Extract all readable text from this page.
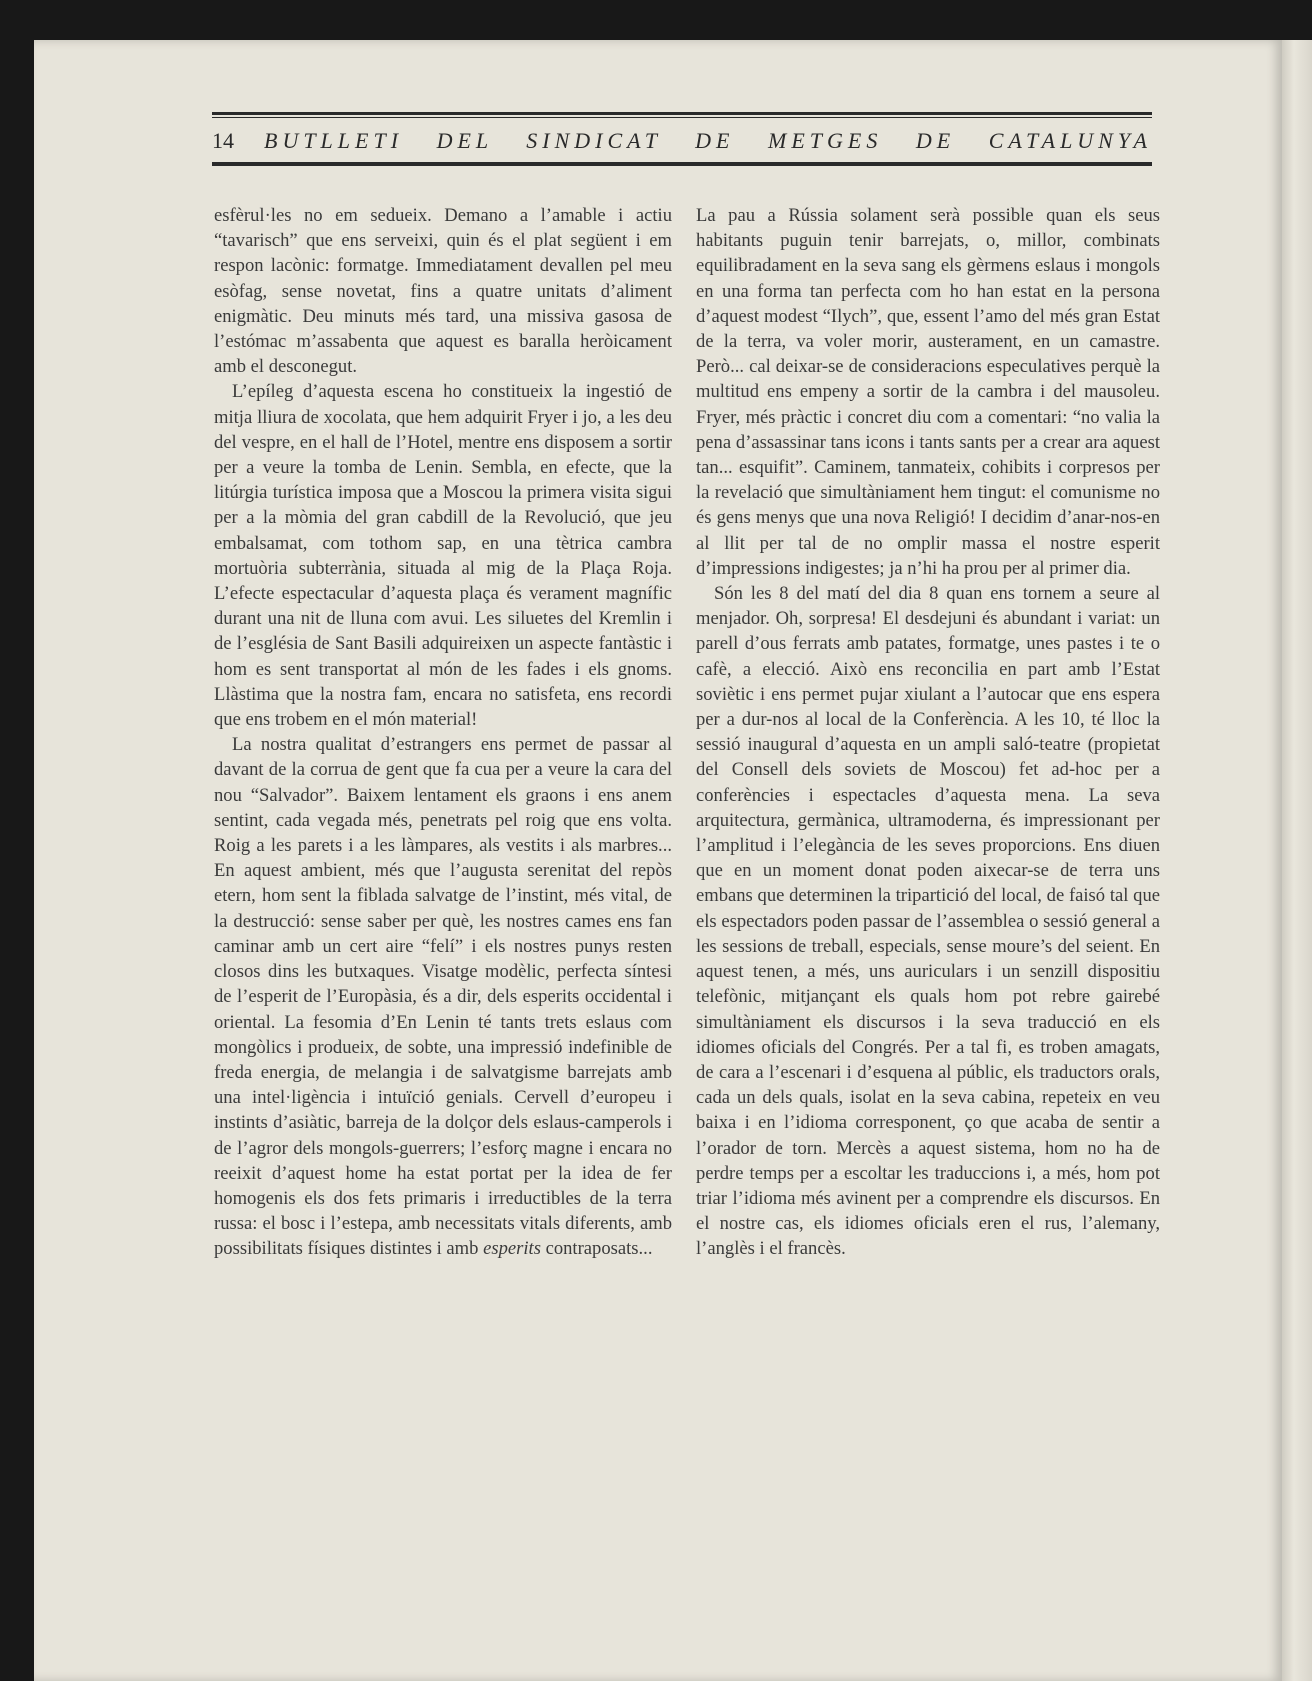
14 BUTLLETI DEL SINDICAT DE METGES DE CATALUNYA

esfèrul·les no em sedueix. Demano a l’amable i actiu “tavarisch” que ens serveixi, quin és el plat següent i em respon lacònic: formatge. Immediatament devallen pel meu esòfag, sense novetat, fins a quatre unitats d’aliment enigmàtic. Deu minuts més tard, una missiva gasosa de l’estómac m’assabenta que aquest es baralla heròicament amb el desconegut.

L’epíleg d’aquesta escena ho constitueix la ingestió de mitja lliura de xocolata, que hem adquirit Fryer i jo, a les deu del vespre, en el hall de l’Hotel, mentre ens disposem a sortir per a veure la tomba de Lenin. Sembla, en efecte, que la litúrgia turística imposa que a Moscou la primera visita sigui per a la mòmia del gran cabdill de la Revolució, que jeu embalsamat, com tothom sap, en una tètrica cambra mortuòria subterrània, situada al mig de la Plaça Roja. L’efecte espectacular d’aquesta plaça és verament magnífic durant una nit de lluna com avui. Les siluetes del Kremlin i de l’església de Sant Basili adquireixen un aspecte fantàstic i hom es sent transportat al món de les fades i els gnoms. Llàstima que la nostra fam, encara no satisfeta, ens recordi que ens trobem en el món material!

La nostra qualitat d’estrangers ens permet de passar al davant de la corrua de gent que fa cua per a veure la cara del nou “Salvador”. Baixem lentament els graons i ens anem sentint, cada vegada més, penetrats pel roig que ens volta. Roig a les parets i a les làmpares, als vestits i als marbres... En aquest ambient, més que l’augusta serenitat del repòs etern, hom sent la fiblada salvatge de l’instint, més vital, de la destrucció: sense saber per què, les nostres cames ens fan caminar amb un cert aire “felí” i els nostres punys resten closos dins les butxaques. Visatge modèlic, perfecta síntesi de l’esperit de l’Europàsia, és a dir, dels esperits occidental i oriental. La fesomia d’En Lenin té tants trets eslaus com mongòlics i produeix, de sobte, una impressió indefinible de freda energia, de melangia i de salvatgisme barrejats amb una intel·ligència i intuïció genials. Cervell d’europeu i instints d’asiàtic, barreja de la dolçor dels eslaus-camperols i de l’agror dels mongols-guerrers; l’esforç magne i encara no reeixit d’aquest home ha estat portat per la idea de fer homogenis els dos fets primaris i irreductibles de la terra russa: el bosc i l’estepa, amb necessitats vitals diferents, amb possibilitats físiques distintes i amb esperits contraposats...

La pau a Rússia solament serà possible quan els seus habitants puguin tenir barrejats, o, millor, combinats equilibradament en la seva sang els gèrmens eslaus i mongols en una forma tan perfecta com ho han estat en la persona d’aquest modest “Ilych”, que, essent l’amo del més gran Estat de la terra, va voler morir, austerament, en un camastre. Però... cal deixar-se de consideracions especulatives perquè la multitud ens empeny a sortir de la cambra i del mausoleu. Fryer, més pràctic i concret diu com a comentari: “no valia la pena d’assassinar tans icons i tants sants per a crear ara aquest tan... esquifit”. Caminem, tanmateix, cohibits i corpresos per la revelació que simultàniament hem tingut: el comunisme no és gens menys que una nova Religió! I decidim d’anar-nos-en al llit per tal de no omplir massa el nostre esperit d’impressions indigestes; ja n’hi ha prou per al primer dia.

Són les 8 del matí del dia 8 quan ens tornem a seure al menjador. Oh, sorpresa! El desdejuni és abundant i variat: un parell d’ous ferrats amb patates, formatge, unes pastes i te o cafè, a elecció. Això ens reconcilia en part amb l’Estat soviètic i ens permet pujar xiulant a l’autocar que ens espera per a dur-nos al local de la Conferència. A les 10, té lloc la sessió inaugural d’aquesta en un ampli saló-teatre (propietat del Consell dels soviets de Moscou) fet ad-hoc per a conferències i espectacles d’aquesta mena. La seva arquitectura, germànica, ultramoderna, és impressionant per l’amplitud i l’elegància de les seves proporcions. Ens diuen que en un moment donat poden aixecar-se de terra uns embans que determinen la tripartició del local, de faisó tal que els espectadors poden passar de l’assemblea o sessió general a les sessions de treball, especials, sense moure’s del seient. En aquest tenen, a més, uns auriculars i un senzill dispositiu telefònic, mitjançant els quals hom pot rebre gairebé simultàniament els discursos i la seva traducció en els idiomes oficials del Congrés. Per a tal fi, es troben amagats, de cara a l’escenari i d’esquena al públic, els traductors orals, cada un dels quals, isolat en la seva cabina, repeteix en veu baixa i en l’idioma corresponent, ço que acaba de sentir a l’orador de torn. Mercès a aquest sistema, hom no ha de perdre temps per a escoltar les traduccions i, a més, hom pot triar l’idioma més avinent per a comprendre els discursos. En el nostre cas, els idiomes oficials eren el rus, l’alemany, l’anglès i el francès.
